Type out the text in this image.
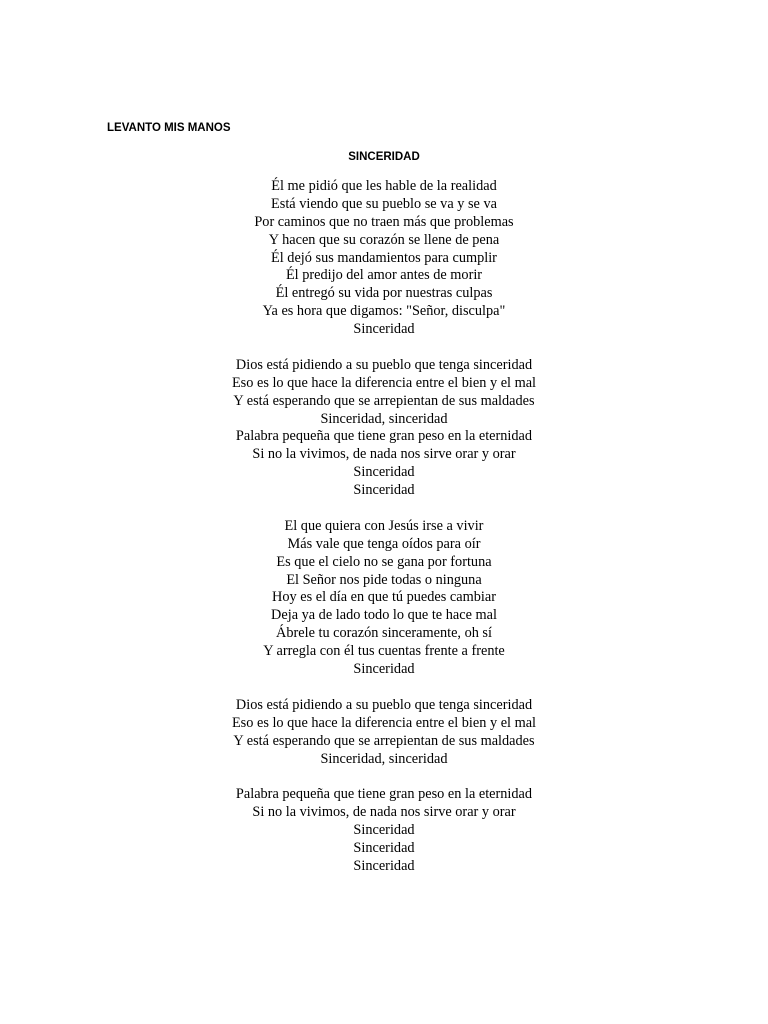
LEVANTO MIS MANOS
SINCERIDAD
Él me pidió que les hable de la realidad
Está viendo que su pueblo se va y se va
Por caminos que no traen más que problemas
Y hacen que su corazón se llene de pena
Él dejó sus mandamientos para cumplir
Él predijo del amor antes de morir
Él entregó su vida por nuestras culpas
Ya es hora que digamos: "Señor, disculpa"
Sinceridad
Dios está pidiendo a su pueblo que tenga sinceridad
Eso es lo que hace la diferencia entre el bien y el mal
Y está esperando que se arrepientan de sus maldades
Sinceridad, sinceridad
Palabra pequeña que tiene gran peso en la eternidad
Si no la vivimos, de nada nos sirve orar y orar
Sinceridad
Sinceridad
El que quiera con Jesús irse a vivir
Más vale que tenga oídos para oír
Es que el cielo no se gana por fortuna
El Señor nos pide todas o ninguna
Hoy es el día en que tú puedes cambiar
Deja ya de lado todo lo que te hace mal
Ábrele tu corazón sinceramente, oh sí
Y arregla con él tus cuentas frente a frente
Sinceridad
Dios está pidiendo a su pueblo que tenga sinceridad
Eso es lo que hace la diferencia entre el bien y el mal
Y está esperando que se arrepientan de sus maldades
Sinceridad, sinceridad
Palabra pequeña que tiene gran peso en la eternidad
Si no la vivimos, de nada nos sirve orar y orar
Sinceridad
Sinceridad
Sinceridad
